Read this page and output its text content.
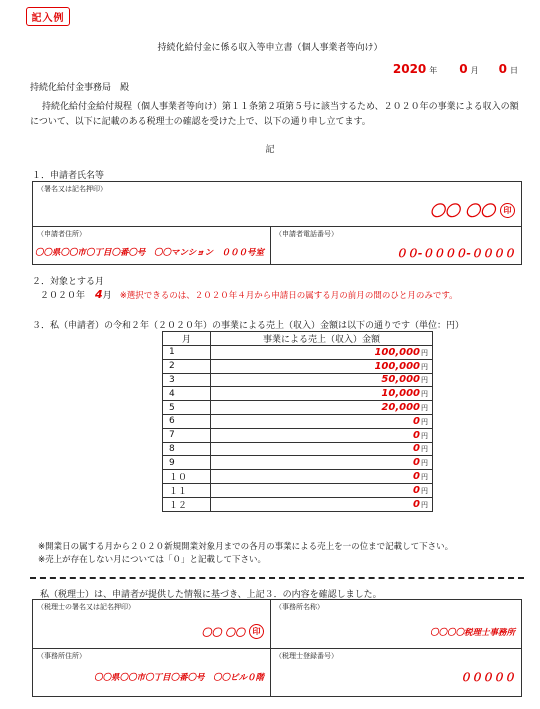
記入例
持続化給付金に係る収入等申立書（個人事業者等向け）
2020 年 0 月 0 日
持続化給付金事務局　殿
持続化給付金給付規程（個人事業者等向け）第１１条第２項第５号に該当するため、２０２０年の事業による収入の額について、以下に記載のある税理士の確認を受けた上で、以下の通り申し立てます。
記
１．申請者氏名等
（署名又は記名押印）
〇〇 〇〇	印
（申請者住所）
〇〇県〇〇市〇丁目〇番〇号　〇〇マンション　０００号室
（申請者電話番号）
００-００００-００００
２．対象とする月
２０２０年 4 月 ※選択できるのは、２０２０年４月から申請日の属する月の前月の間のひと月のみです。
３．私（申請者）の令和２年（２０２０年）の事業による売上（収入）金額は以下の通りです（単位：円）
月	事業による売上（収入）金額
1	100,000円
2	100,000円
3	50,000円
4	10,000円
5	20,000円
6	0円
7	0円
8	0円
9	0円
１０	0円
１１	0円
１２	0円
※開業日の属する月から２０２０新規開業対象月までの各月の事業による売上を一の位まで記載して下さい。
※売上が存在しない月については「０」と記載して下さい。
私（税理士）は、申請者が提供した情報に基づき、上記３．の内容を確認しました。
（税理士の署名又は記名押印）
〇〇 〇〇 印
（事務所名称）
〇〇〇〇税理士事務所
（事務所住所）
〇〇県〇〇市〇丁目〇番〇号　〇〇ビル０階
（税理士登録番号）
０００００
